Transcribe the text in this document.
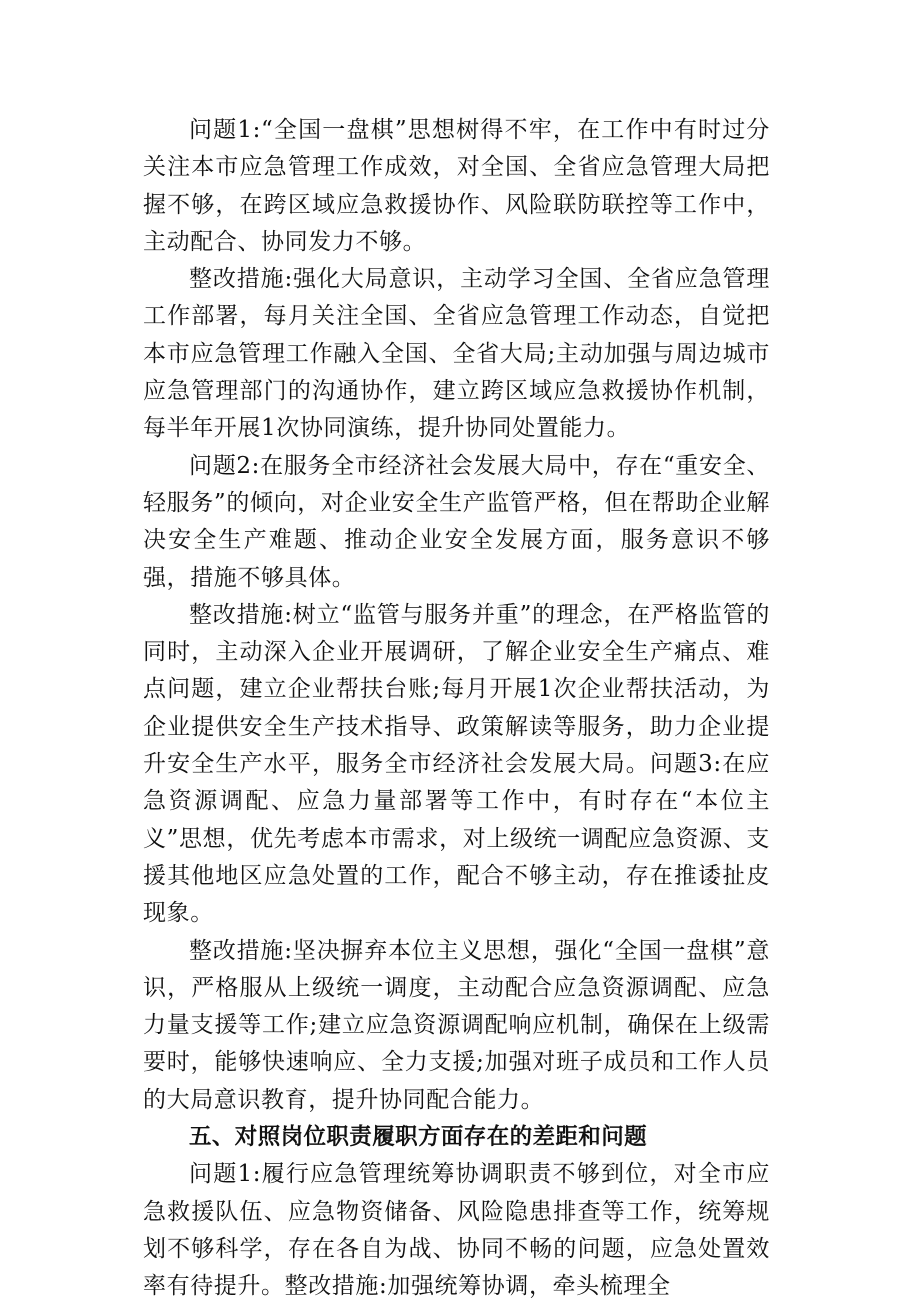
问题1:“全国一盘棋”思想树得不牢，在工作中有时过分关注本市应急管理工作成效，对全国、全省应急管理大局把握不够，在跨区域应急救援协作、风险联防联控等工作中，主动配合、协同发力不够。

整改措施:强化大局意识，主动学习全国、全省应急管理工作部署，每月关注全国、全省应急管理工作动态，自觉把本市应急管理工作融入全国、全省大局;主动加强与周边城市应急管理部门的沟通协作，建立跨区域应急救援协作机制，每半年开展1次协同演练，提升协同处置能力。

问题2:在服务全市经济社会发展大局中，存在“重安全、轻服务”的倾向，对企业安全生产监管严格，但在帮助企业解决安全生产难题、推动企业安全发展方面，服务意识不够强，措施不够具体。

整改措施:树立“监管与服务并重”的理念，在严格监管的同时，主动深入企业开展调研，了解企业安全生产痛点、难点问题，建立企业帮扶台账;每月开展1次企业帮扶活动，为企业提供安全生产技术指导、政策解读等服务，助力企业提升安全生产水平，服务全市经济社会发展大局。问题3:在应急资源调配、应急力量部署等工作中，有时存在“本位主义”思想，优先考虑本市需求，对上级统一调配应急资源、支援其他地区应急处置的工作，配合不够主动，存在推诿扯皮现象。

整改措施:坚决摒弃本位主义思想，强化“全国一盘棋”意识，严格服从上级统一调度，主动配合应急资源调配、应急力量支援等工作;建立应急资源调配响应机制，确保在上级需要时，能够快速响应、全力支援;加强对班子成员和工作人员的大局意识教育，提升协同配合能力。

五、对照岗位职责履职方面存在的差距和问题

问题1:履行应急管理统筹协调职责不够到位，对全市应急救援队伍、应急物资储备、风险隐患排查等工作，统筹规划不够科学，存在各自为战、协同不畅的问题，应急处置效率有待提升。整改措施:加强统筹协调，牵头梳理全
